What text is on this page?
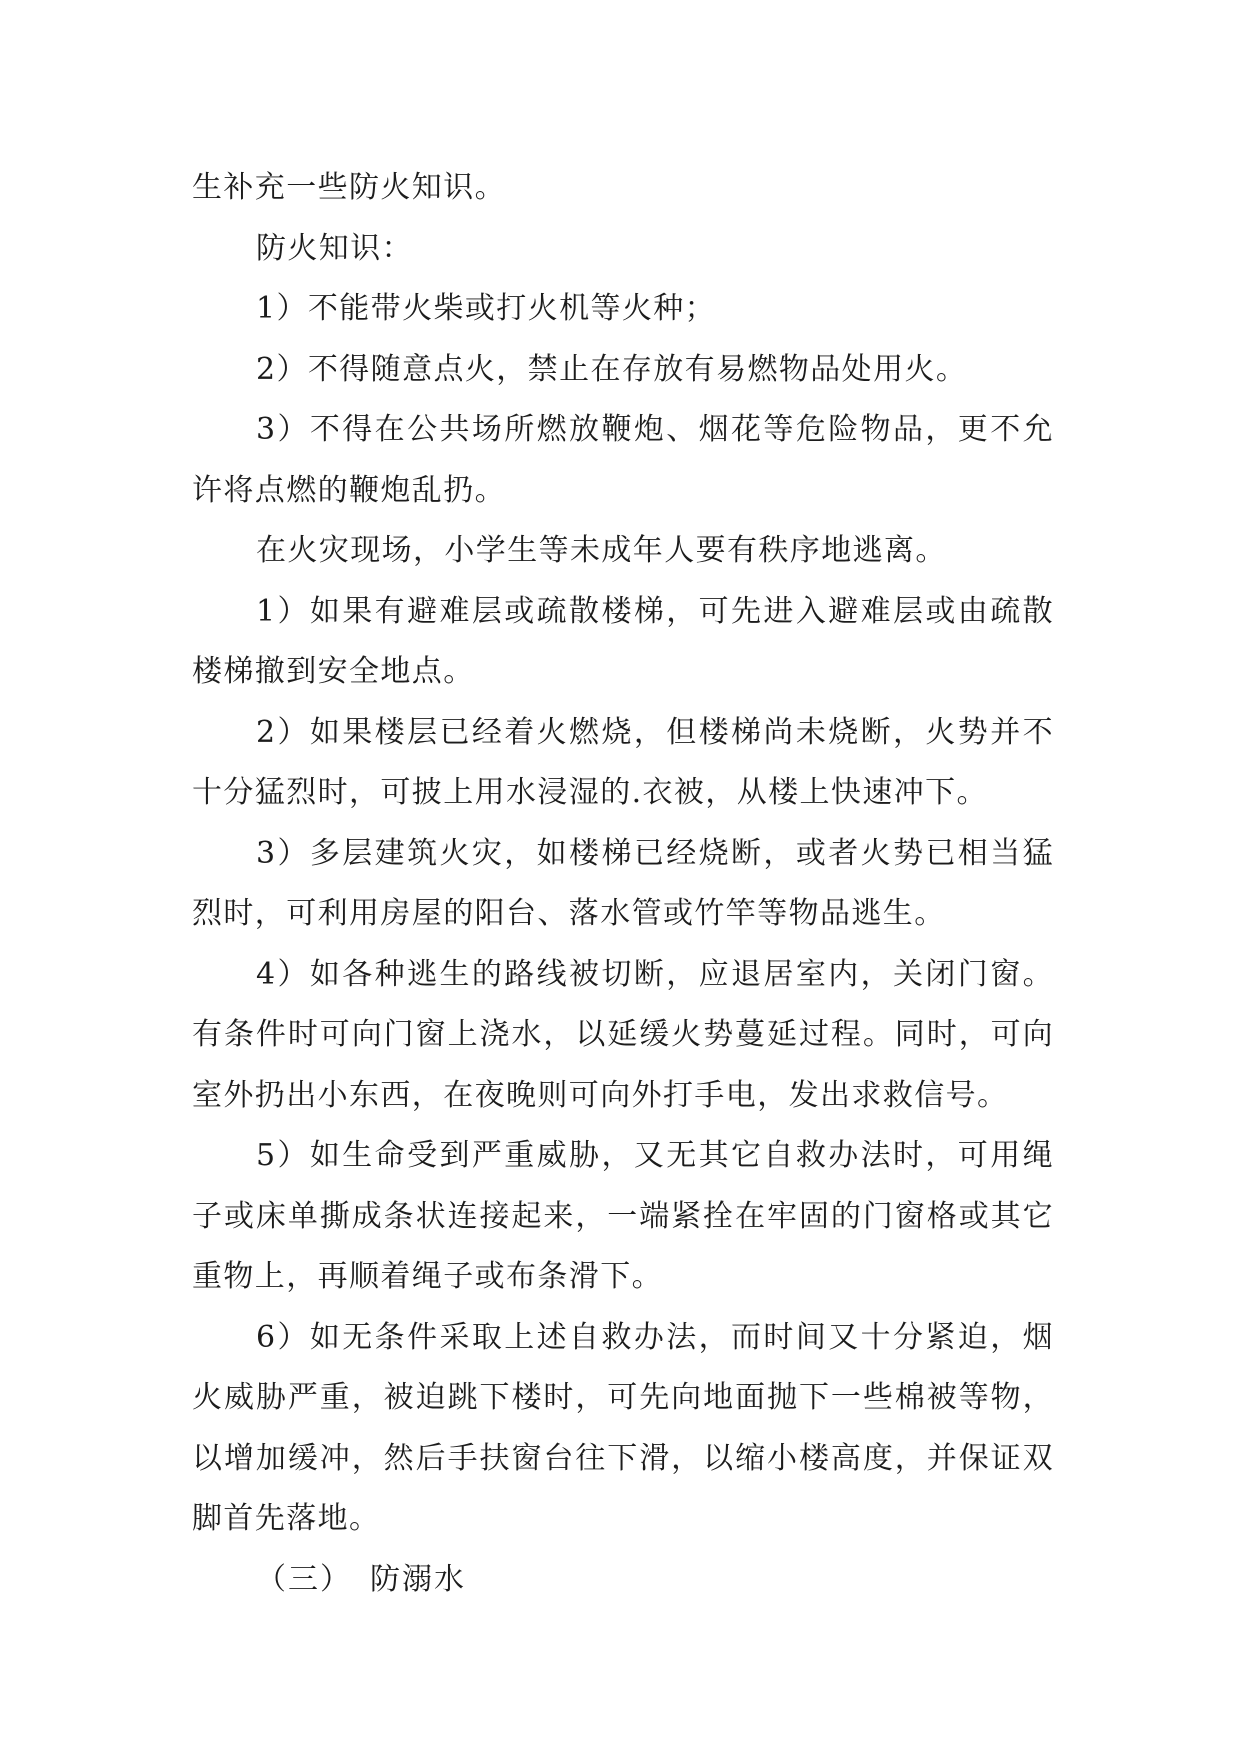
生补充一些防火知识。

防火知识：

1）不能带火柴或打火机等火种；

2）不得随意点火，禁止在存放有易燃物品处用火。

3）不得在公共场所燃放鞭炮、烟花等危险物品，更不允许将点燃的鞭炮乱扔。

在火灾现场，小学生等未成年人要有秩序地逃离。

1）如果有避难层或疏散楼梯，可先进入避难层或由疏散楼梯撤到安全地点。

2）如果楼层已经着火燃烧，但楼梯尚未烧断，火势并不十分猛烈时，可披上用水浸湿的.衣被，从楼上快速冲下。

3）多层建筑火灾，如楼梯已经烧断，或者火势已相当猛烈时，可利用房屋的阳台、落水管或竹竿等物品逃生。

4）如各种逃生的路线被切断，应退居室内，关闭门窗。有条件时可向门窗上浇水，以延缓火势蔓延过程。同时，可向室外扔出小东西，在夜晚则可向外打手电，发出求救信号。

5）如生命受到严重威胁，又无其它自救办法时，可用绳子或床单撕成条状连接起来，一端紧拴在牢固的门窗格或其它重物上，再顺着绳子或布条滑下。

6）如无条件采取上述自救办法，而时间又十分紧迫，烟火威胁严重，被迫跳下楼时，可先向地面抛下一些棉被等物，以增加缓冲，然后手扶窗台往下滑，以缩小楼高度，并保证双脚首先落地。

（三） 防溺水
